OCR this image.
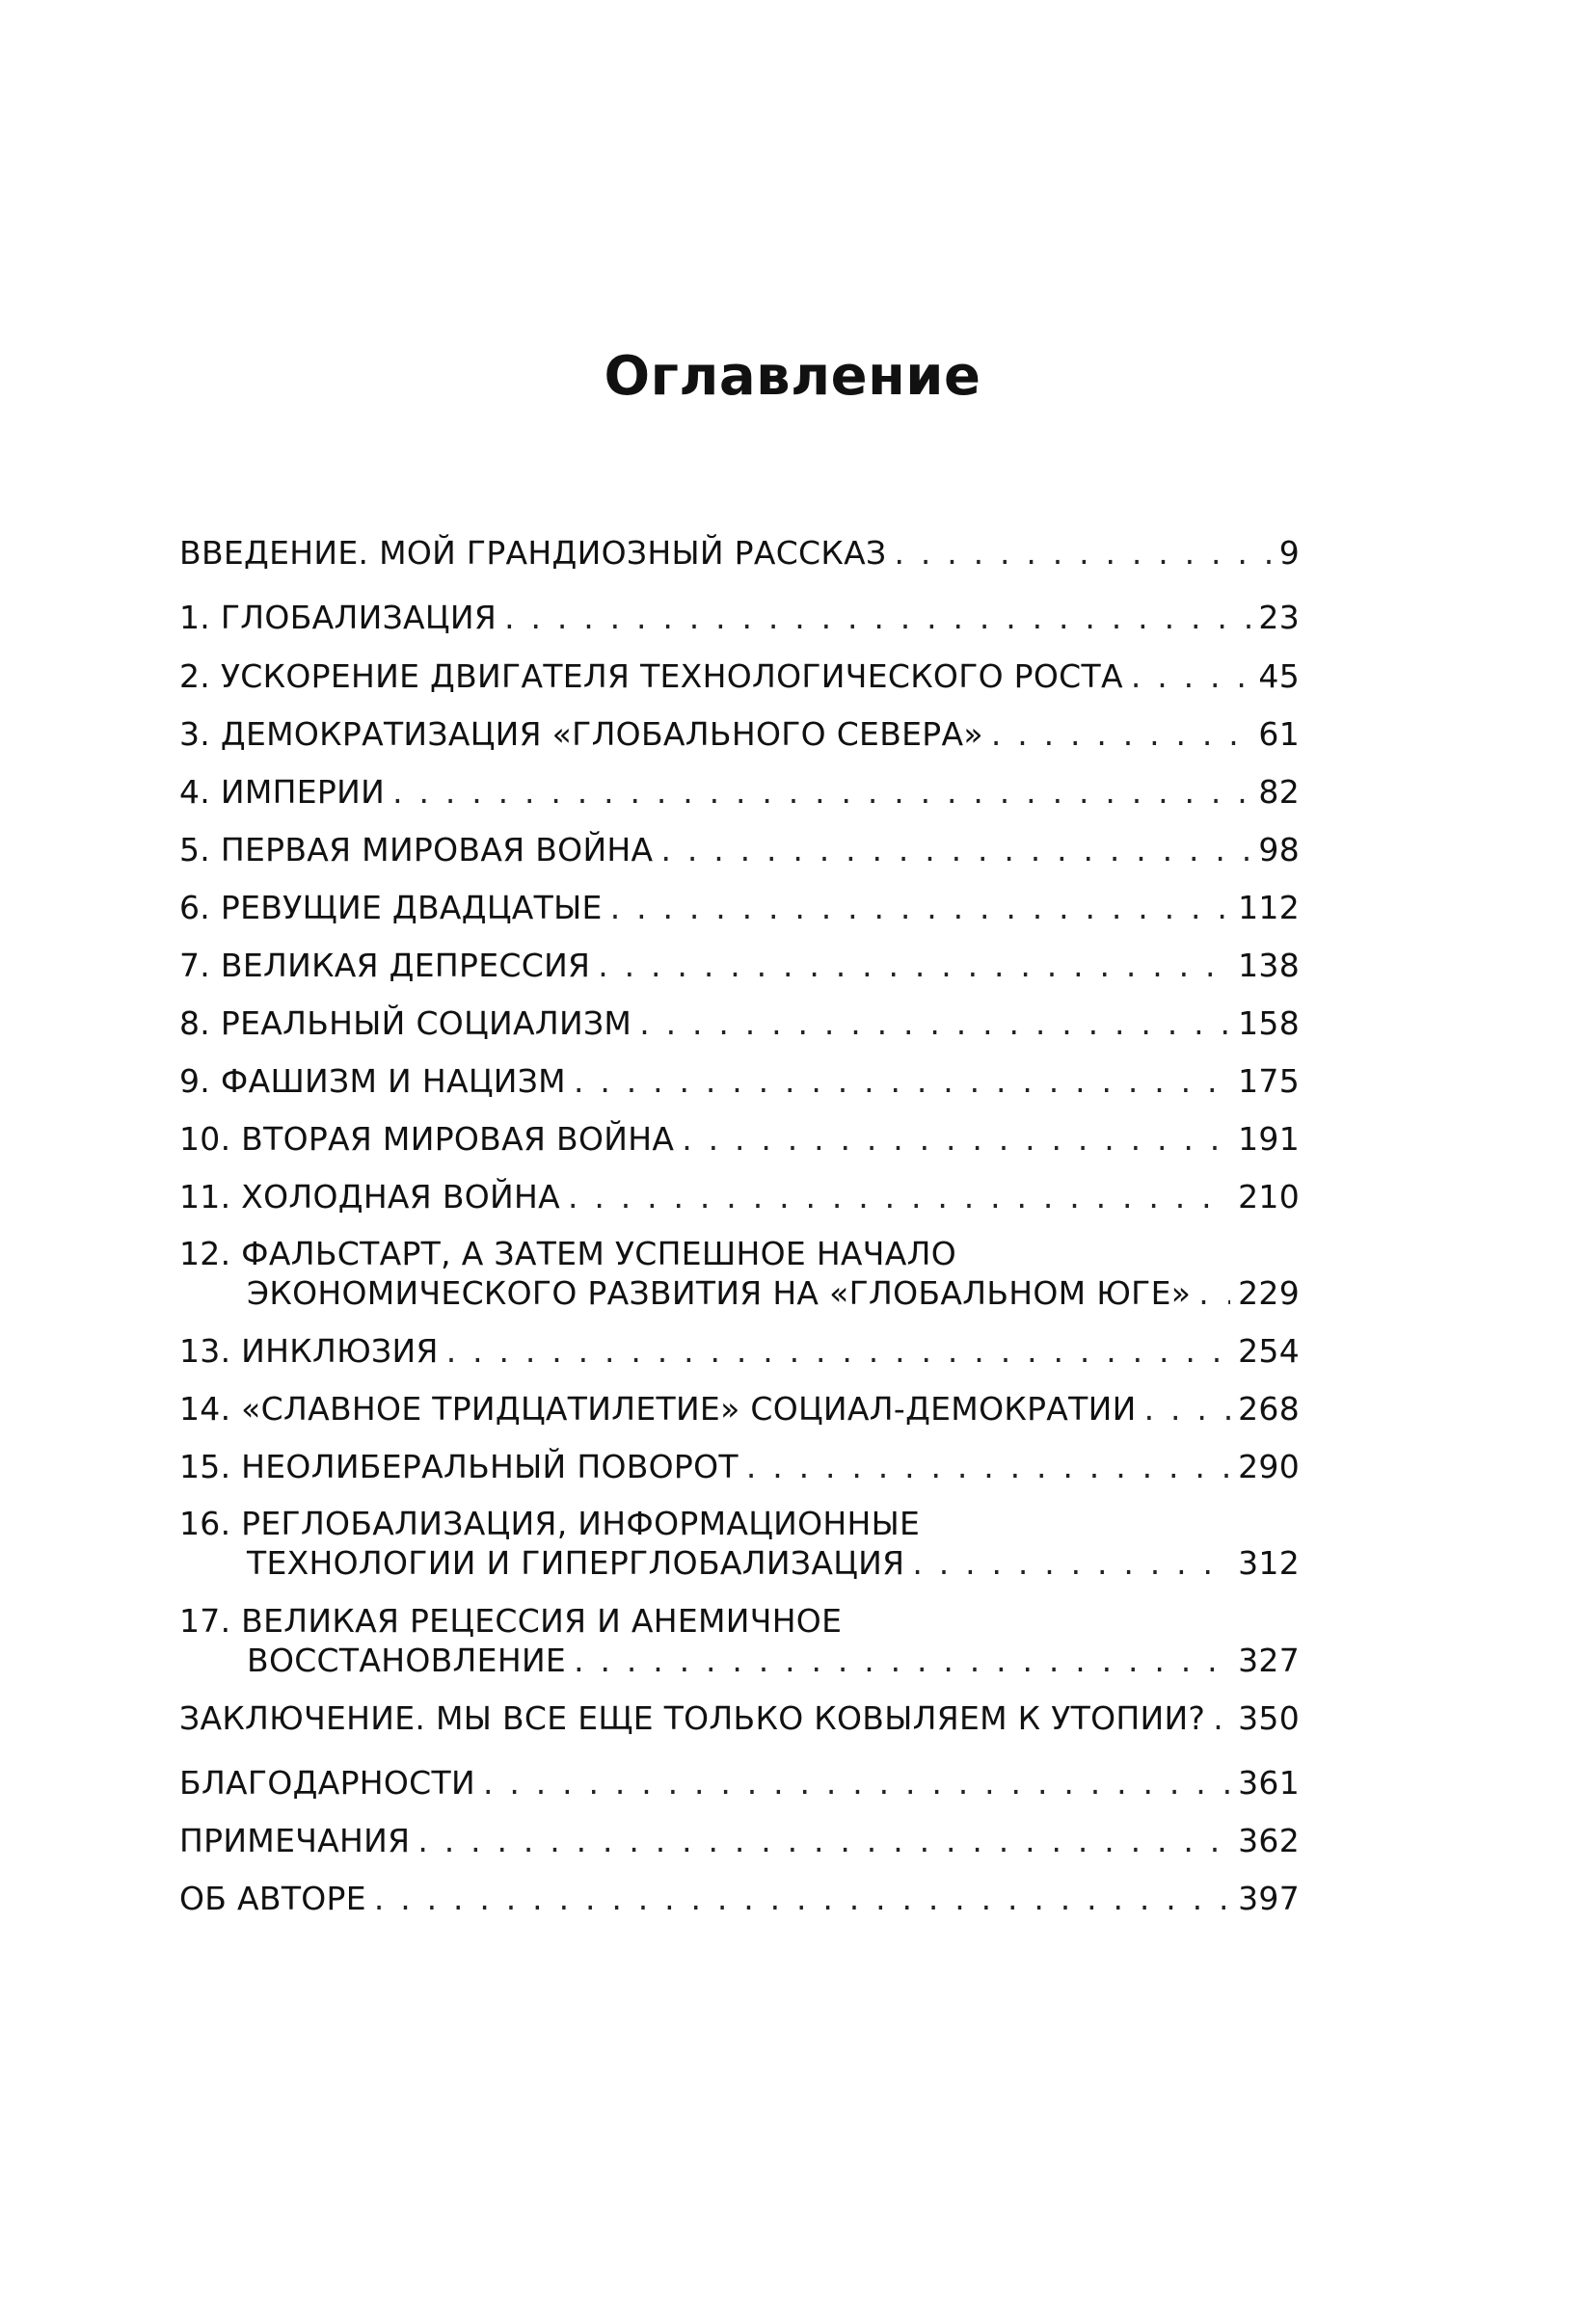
Оглавление
ВВЕДЕНИЕ. МОЙ ГРАНДИОЗНЫЙ РАССКАЗ . . .	9
1. ГЛОБАЛИЗАЦИЯ . . .	23
2. УСКОРЕНИЕ ДВИГАТЕЛЯ ТЕХНОЛОГИЧЕСКОГО РОСТА . . .	45
3. ДЕМОКРАТИЗАЦИЯ «ГЛОБАЛЬНОГО СЕВЕРА» . . .	61
4. ИМПЕРИИ . . .	82
5. ПЕРВАЯ МИРОВАЯ ВОЙНА . . .	98
6. РЕВУЩИЕ ДВАДЦАТЫЕ . . .	112
7. ВЕЛИКАЯ ДЕПРЕССИЯ . . .	138
8. РЕАЛЬНЫЙ СОЦИАЛИЗМ . . .	158
9. ФАШИЗМ И НАЦИЗМ . . .	175
10. ВТОРАЯ МИРОВАЯ ВОЙНА . . .	191
11. ХОЛОДНАЯ ВОЙНА . . .	210
12. ФАЛЬСТАРТ, А ЗАТЕМ УСПЕШНОЕ НАЧАЛО
ЭКОНОМИЧЕСКОГО РАЗВИТИЯ НА «ГЛОБАЛЬНОМ ЮГЕ» . . . 229
13. ИНКЛЮЗИЯ . . .	254
14. «СЛАВНОЕ ТРИДЦАТИЛЕТИЕ» СОЦИАЛ-ДЕМОКРАТИИ . . .	268
15. НЕОЛИБЕРАЛЬНЫЙ ПОВОРОТ . . .	290
16. РЕГЛОБАЛИЗАЦИЯ, ИНФОРМАЦИОННЫЕ
ТЕХНОЛОГИИ И ГИПЕРГЛОБАЛИЗАЦИЯ . . .	312
17. ВЕЛИКАЯ РЕЦЕССИЯ И АНЕМИЧНОЕ
ВОССТАНОВЛЕНИЕ . . .	327
ЗАКЛЮЧЕНИЕ. МЫ ВСЕ ЕЩЕ ТОЛЬКО КОВЫЛЯЕМ К УТОПИИ? . . . 350
БЛАГОДАРНОСТИ . . .	361
ПРИМЕЧАНИЯ . . .	362
ОБ АВТОРЕ . . .	397
